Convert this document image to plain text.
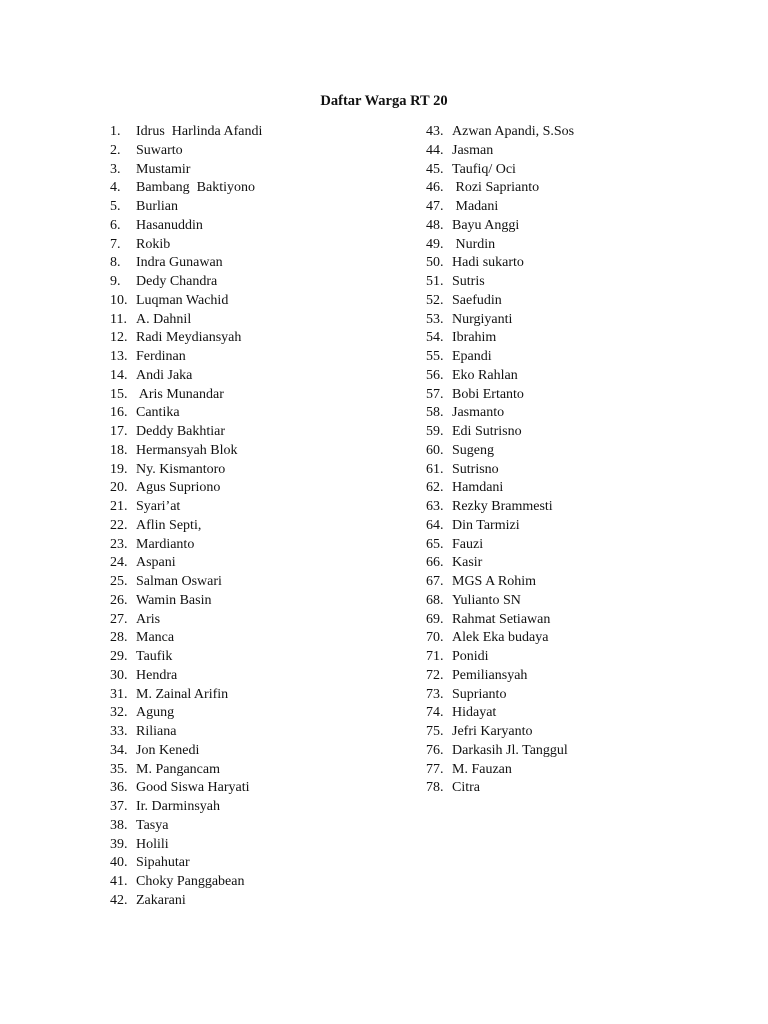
Daftar Warga RT 20
1.	Idrus  Harlinda Afandi
2.	Suwarto
3.	Mustamir
4.	Bambang  Baktiyono
5.	Burlian
6.	Hasanuddin
7.	Rokib
8.	Indra Gunawan
9.	Dedy Chandra
10. Luqman Wachid
11. A. Dahnil
12. Radi Meydiansyah
13. Ferdinan
14. Andi Jaka
15. Aris Munandar
16. Cantika
17. Deddy Bakhtiar
18. Hermansyah Blok
19. Ny. Kismantoro
20. Agus Supriono
21. Syari’at
22. Aflin Septi,
23. Mardianto
24. Aspani
25. Salman Oswari
26. Wamin Basin
27. Aris
28. Manca
29. Taufik
30. Hendra
31. M. Zainal Arifin
32. Agung
33. Riliana
34. Jon Kenedi
35. M. Pangancam
36. Good Siswa Haryati
37. Ir. Darminsyah
38. Tasya
39. Holili
40. Sipahutar
41. Choky Panggabean
42. Zakarani
43. Azwan Apandi, S.Sos
44. Jasman
45. Taufiq/ Oci
46. Rozi Saprianto
47. Madani
48. Bayu Anggi
49. Nurdin
50. Hadi sukarto
51. Sutris
52. Saefudin
53. Nurgiyanti
54. Ibrahim
55. Epandi
56. Eko Rahlan
57. Bobi Ertanto
58. Jasmanto
59. Edi Sutrisno
60. Sugeng
61. Sutrisno
62. Hamdani
63. Rezky Brammesti
64. Din Tarmizi
65. Fauzi
66. Kasir
67. MGS A Rohim
68. Yulianto SN
69. Rahmat Setiawan
70. Alek Eka budaya
71. Ponidi
72. Pemiliansyah
73. Suprianto
74. Hidayat
75. Jefri Karyanto
76. Darkasih Jl. Tanggul
77. M. Fauzan
78. Citra
